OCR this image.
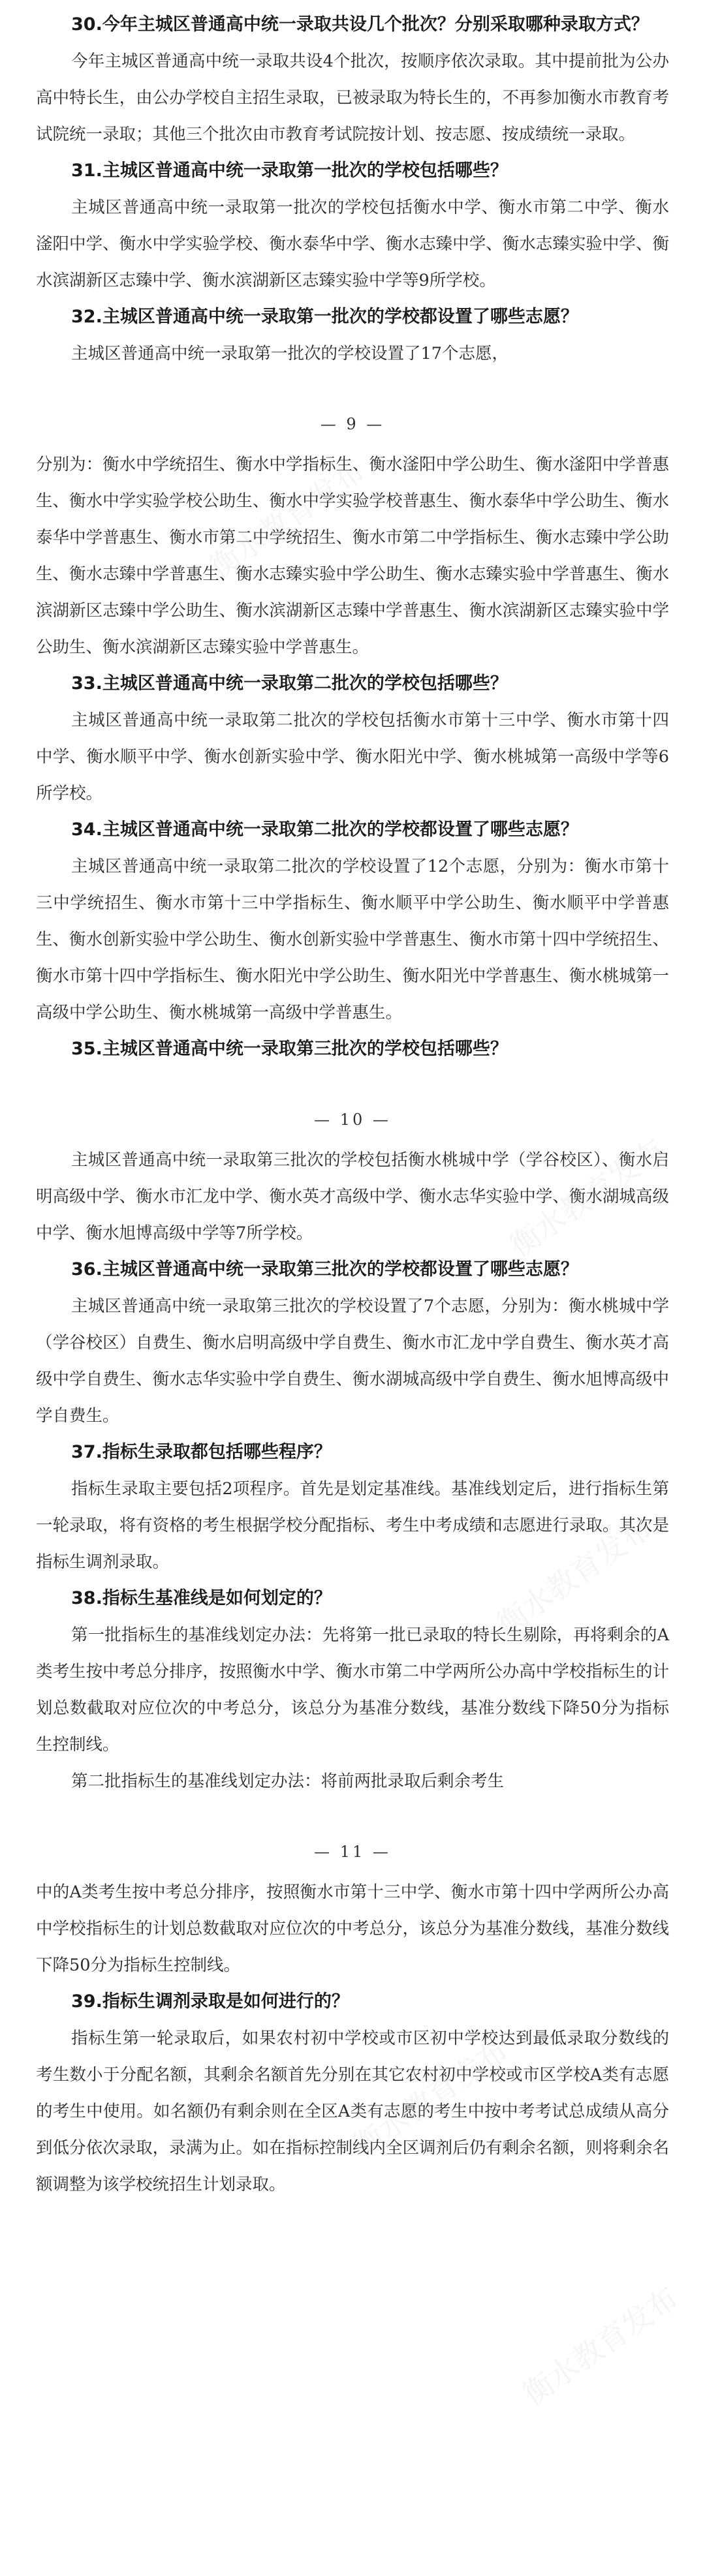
30.今年主城区普通高中统一录取共设几个批次？分别采取哪种录取方式？

今年主城区普通高中统一录取共设4个批次，按顺序依次录取。其中提前批为公办高中特长生，由公办学校自主招生录取，已被录取为特长生的，不再参加衡水市教育考试院统一录取；其他三个批次由市教育考试院按计划、按志愿、按成绩统一录取。

31.主城区普通高中统一录取第一批次的学校包括哪些？

主城区普通高中统一录取第一批次的学校包括衡水中学、衡水市第二中学、衡水滏阳中学、衡水中学实验学校、衡水泰华中学、衡水志臻中学、衡水志臻实验中学、衡水滨湖新区志臻中学、衡水滨湖新区志臻实验中学等9所学校。

32.主城区普通高中统一录取第一批次的学校都设置了哪些志愿？

主城区普通高中统一录取第一批次的学校设置了17个志愿，

— 9 —

分别为：衡水中学统招生、衡水中学指标生、衡水滏阳中学公助生、衡水滏阳中学普惠生、衡水中学实验学校公助生、衡水中学实验学校普惠生、衡水泰华中学公助生、衡水泰华中学普惠生、衡水市第二中学统招生、衡水市第二中学指标生、衡水志臻中学公助生、衡水志臻中学普惠生、衡水志臻实验中学公助生、衡水志臻实验中学普惠生、衡水滨湖新区志臻中学公助生、衡水滨湖新区志臻中学普惠生、衡水滨湖新区志臻实验中学公助生、衡水滨湖新区志臻实验中学普惠生。

33.主城区普通高中统一录取第二批次的学校包括哪些？

主城区普通高中统一录取第二批次的学校包括衡水市第十三中学、衡水市第十四中学、衡水顺平中学、衡水创新实验中学、衡水阳光中学、衡水桃城第一高级中学等6所学校。

34.主城区普通高中统一录取第二批次的学校都设置了哪些志愿？

主城区普通高中统一录取第二批次的学校设置了12个志愿，分别为：衡水市第十三中学统招生、衡水市第十三中学指标生、衡水顺平中学公助生、衡水顺平中学普惠生、衡水创新实验中学公助生、衡水创新实验中学普惠生、衡水市第十四中学统招生、衡水市第十四中学指标生、衡水阳光中学公助生、衡水阳光中学普惠生、衡水桃城第一高级中学公助生、衡水桃城第一高级中学普惠生。

35.主城区普通高中统一录取第三批次的学校包括哪些？

— 10 —

主城区普通高中统一录取第三批次的学校包括衡水桃城中学（学谷校区）、衡水启明高级中学、衡水市汇龙中学、衡水英才高级中学、衡水志华实验中学、衡水湖城高级中学、衡水旭博高级中学等7所学校。

36.主城区普通高中统一录取第三批次的学校都设置了哪些志愿？

主城区普通高中统一录取第三批次的学校设置了7个志愿，分别为：衡水桃城中学（学谷校区）自费生、衡水启明高级中学自费生、衡水市汇龙中学自费生、衡水英才高级中学自费生、衡水志华实验中学自费生、衡水湖城高级中学自费生、衡水旭博高级中学自费生。

37.指标生录取都包括哪些程序？

指标生录取主要包括2项程序。首先是划定基准线。基准线划定后，进行指标生第一轮录取，将有资格的考生根据学校分配指标、考生中考成绩和志愿进行录取。其次是指标生调剂录取。

38.指标生基准线是如何划定的？

第一批指标生的基准线划定办法：先将第一批已录取的特长生剔除，再将剩余的A类考生按中考总分排序，按照衡水中学、衡水市第二中学两所公办高中学校指标生的计划总数截取对应位次的中考总分，该总分为基准分数线，基准分数线下降50分为指标生控制线。

第二批指标生的基准线划定办法：将前两批录取后剩余考生

— 11 —

中的A类考生按中考总分排序，按照衡水市第十三中学、衡水市第十四中学两所公办高中学校指标生的计划总数截取对应位次的中考总分，该总分为基准分数线，基准分数线下降50分为指标生控制线。

39.指标生调剂录取是如何进行的？

指标生第一轮录取后，如果农村初中学校或市区初中学校达到最低录取分数线的考生数小于分配名额，其剩余名额首先分别在其它农村初中学校或市区学校A类有志愿的考生中使用。如名额仍有剩余则在全区A类有志愿的考生中按中考考试总成绩从高分到低分依次录取，录满为止。如在指标控制线内全区调剂后仍有剩余名额，则将剩余名额调整为该学校统招生计划录取。

衡水教育发布
衡水教育发布
衡水教育发布
衡水教育发布
衡水教育发布
